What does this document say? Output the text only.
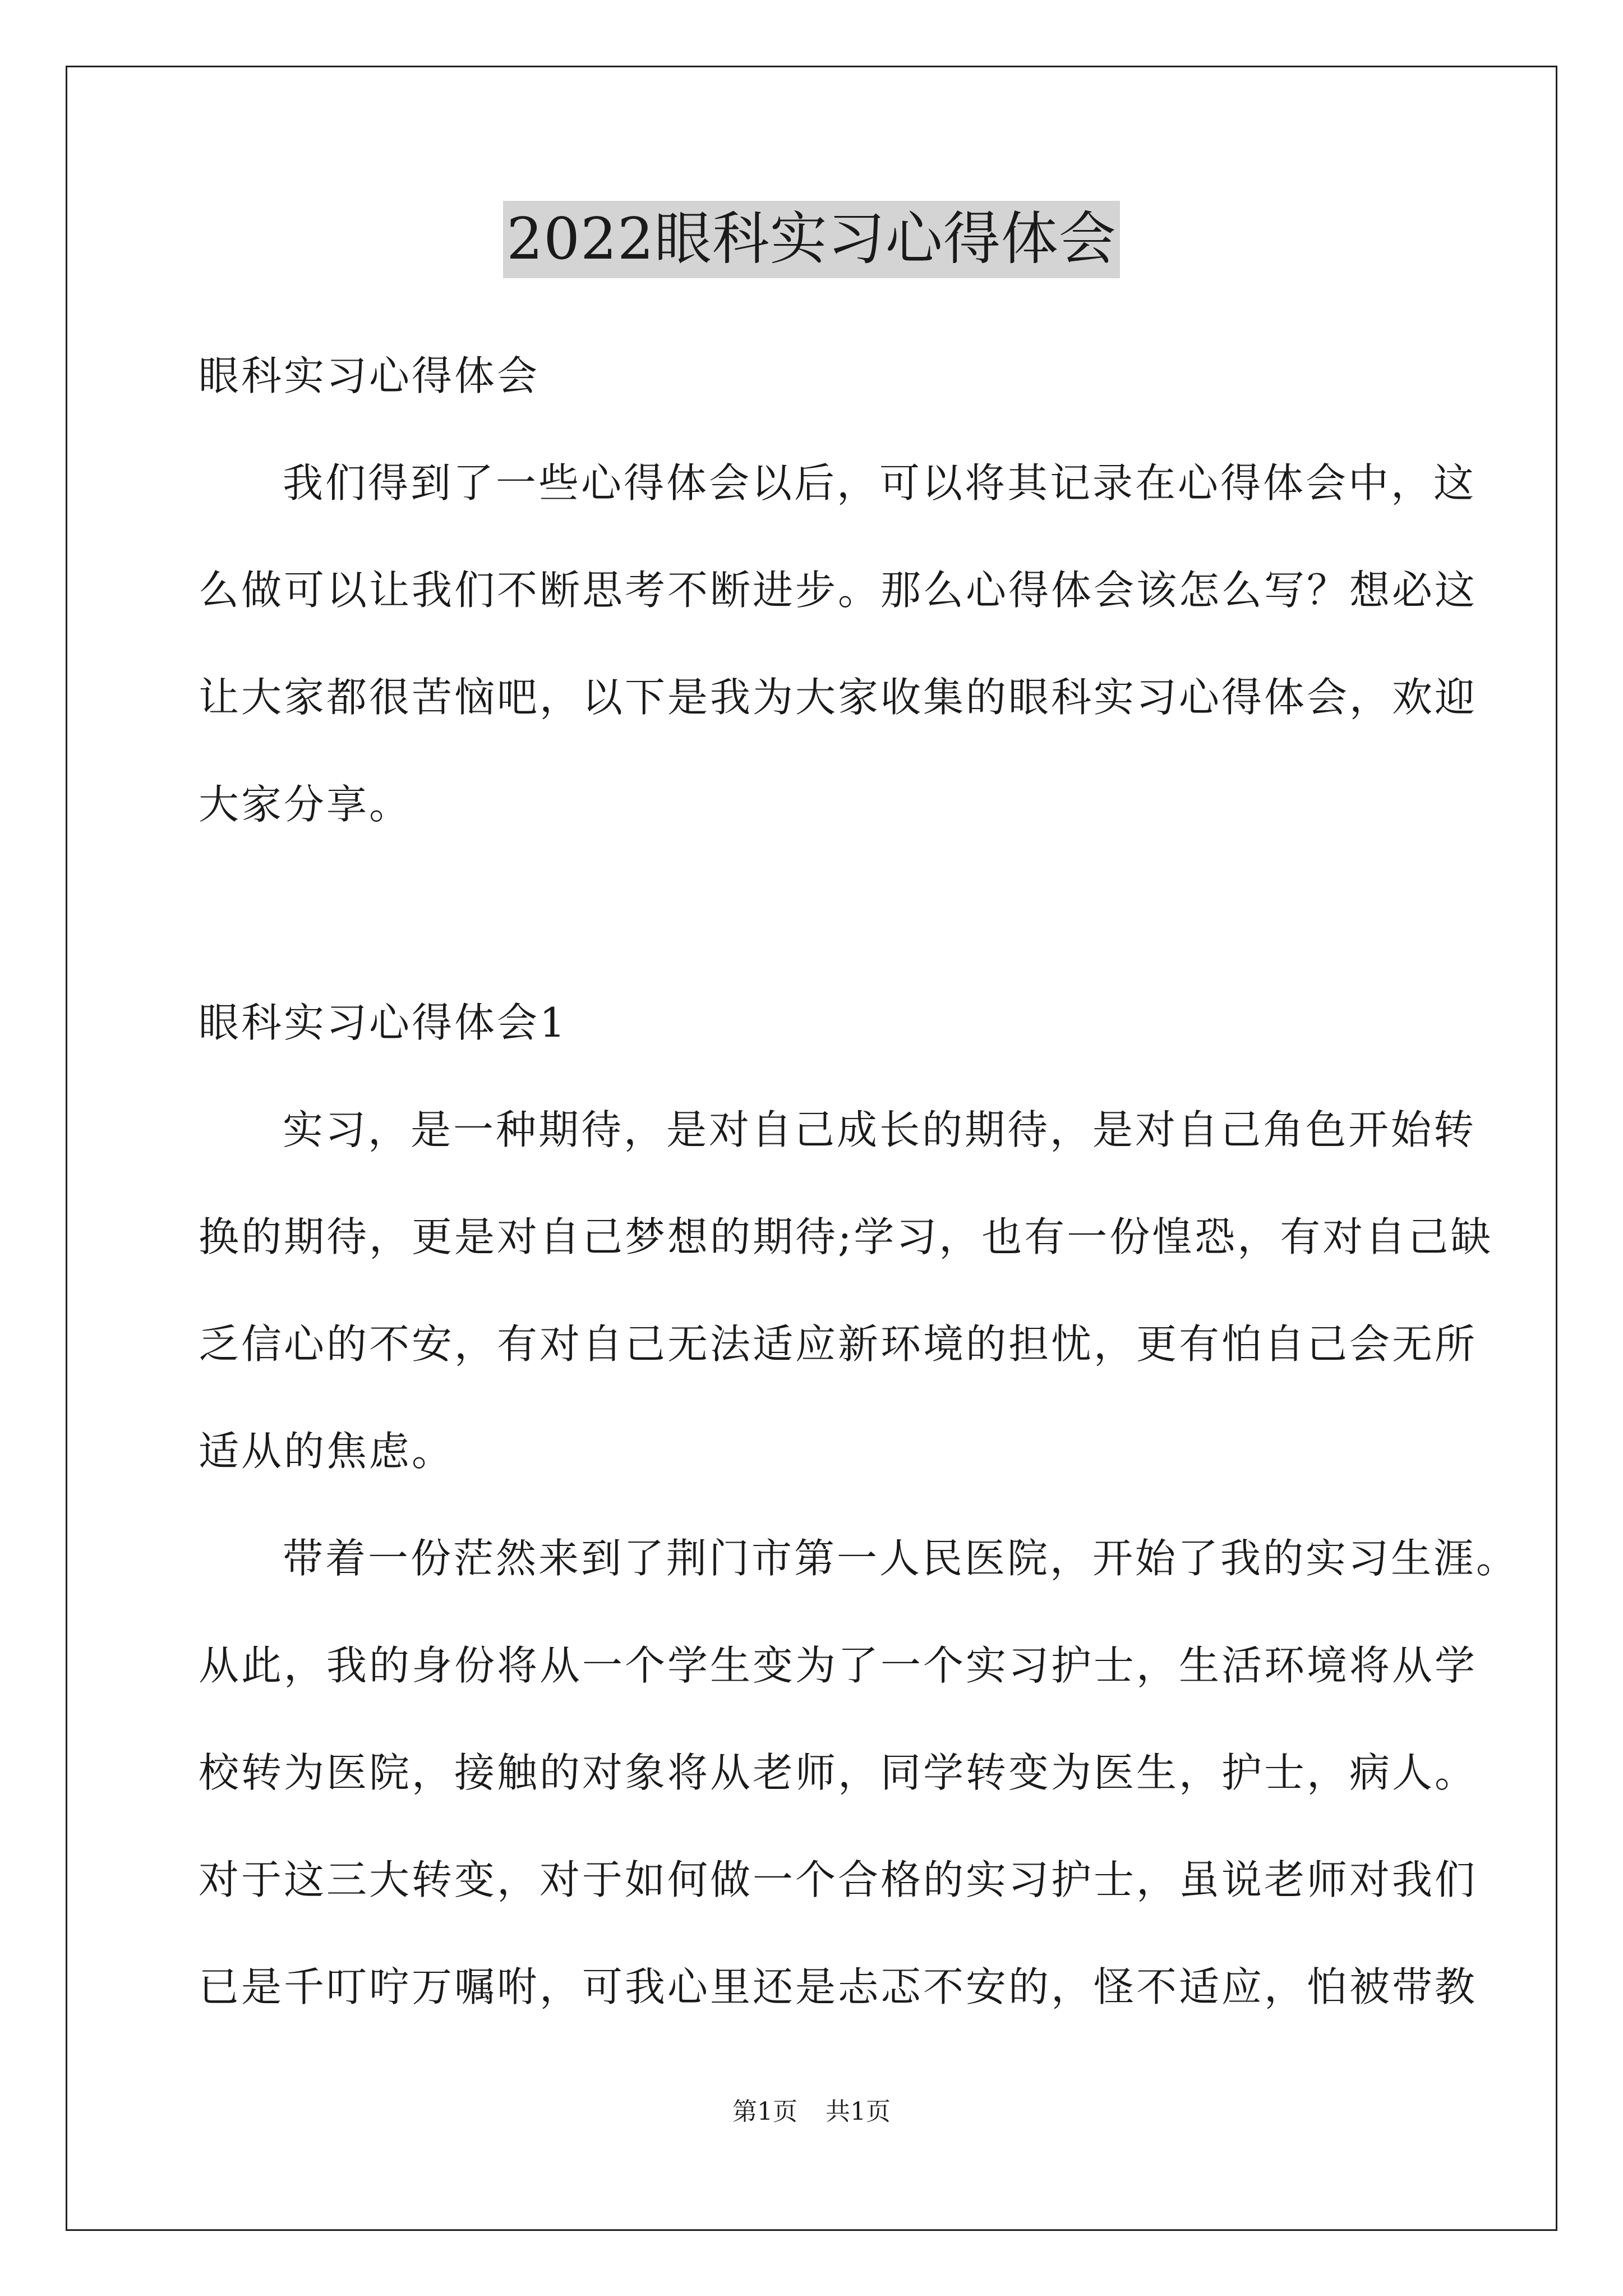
2022眼科实习心得体会
眼科实习心得体会
我们得到了一些心得体会以后，可以将其记录在心得体会中，这
么做可以让我们不断思考不断进步。那么心得体会该怎么写？想必这
让大家都很苦恼吧，以下是我为大家收集的眼科实习心得体会，欢迎
大家分享。
眼科实习心得体会1
实习，是一种期待，是对自己成长的期待，是对自己角色开始转
换的期待，更是对自己梦想的期待;学习，也有一份惶恐，有对自己缺
乏信心的不安，有对自己无法适应新环境的担忧，更有怕自己会无所
适从的焦虑。
带着一份茫然来到了荆门市第一人民医院，开始了我的实习生涯。
从此，我的身份将从一个学生变为了一个实习护士，生活环境将从学
校转为医院，接触的对象将从老师，同学转变为医生，护士，病人。
对于这三大转变，对于如何做一个合格的实习护士，虽说老师对我们
已是千叮咛万嘱咐，可我心里还是忐忑不安的，怪不适应，怕被带教
第1页 共1页
